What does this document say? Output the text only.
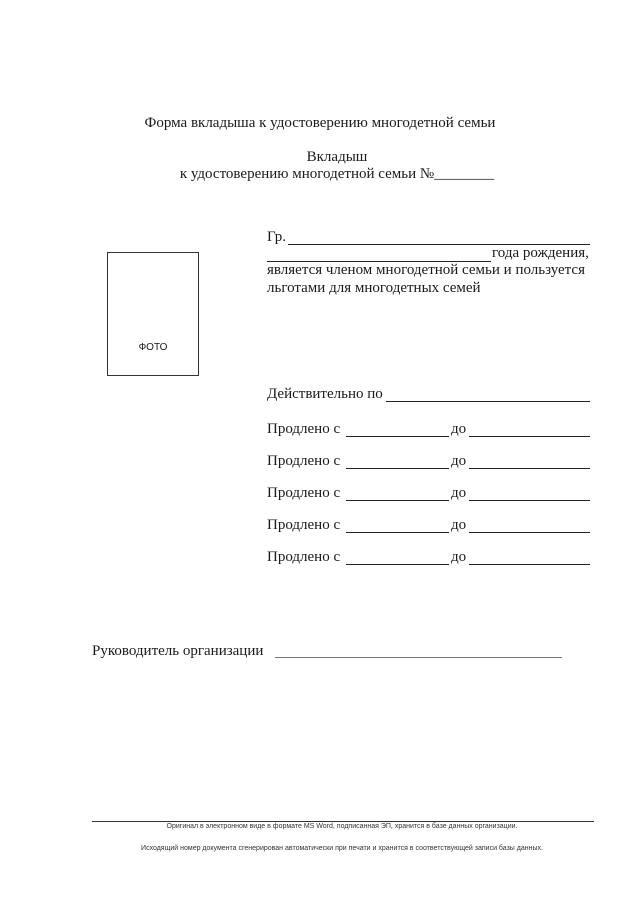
Форма вкладыша к удостоверению многодетной семьи
Вкладыш
к удостоверению многодетной семьи №________
Гр.
года рождения,
является членом многодетной семьи и пользуется
льготами для многодетных семей
ФОТО
Действительно по
Продлено с	до
Продлено с	до
Продлено с	до
Продлено с	до
Продлено с	до
Руководитель организации
Оригинал в электронном виде в формате MS Word, подписанная ЭП, хранится в базе данных организации.
Исходящий номер документа сгенерирован автоматически при печати и хранится в соответствующей записи базы данных.
